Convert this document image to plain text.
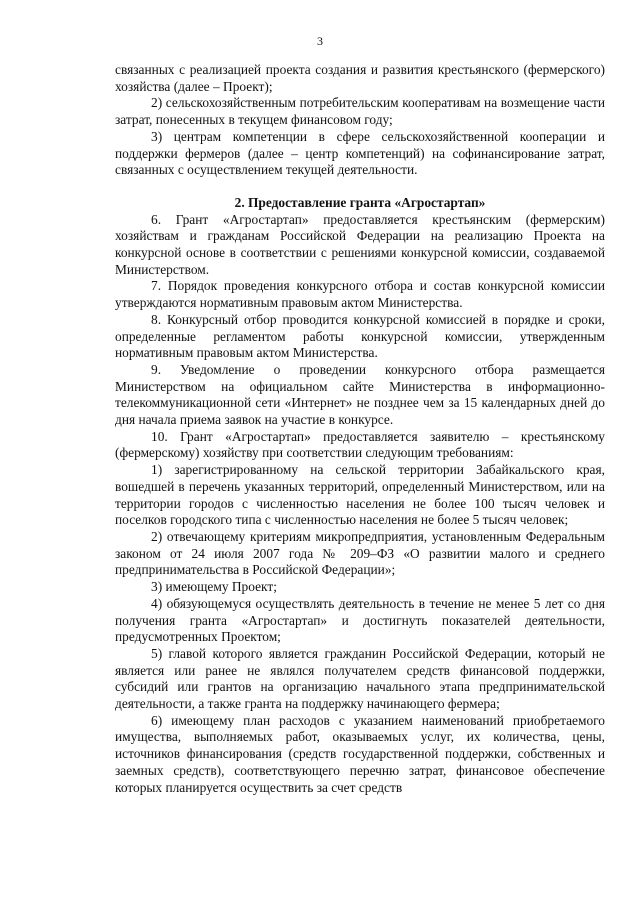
3

связанных с реализацией проекта создания и развития крестьянского (фермерского) хозяйства (далее – Проект);

2) сельскохозяйственным потребительским кооперативам на возмещение части затрат, понесенных в текущем финансовом году;

3) центрам компетенции в сфере сельскохозяйственной кооперации и поддержки фермеров (далее – центр компетенций) на софинансирование затрат, связанных с осуществлением текущей деятельности.

2. Предоставление гранта «Агростартап»

6. Грант «Агростартап» предоставляется крестьянским (фермерским) хозяйствам и гражданам Российской Федерации на реализацию Проекта на конкурсной основе в соответствии с решениями конкурсной комиссии, создаваемой Министерством.

7. Порядок проведения конкурсного отбора и состав конкурсной комиссии утверждаются нормативным правовым актом Министерства.

8. Конкурсный отбор проводится конкурсной комиссией в порядке и сроки, определенные регламентом работы конкурсной комиссии, утвержденным нормативным правовым актом Министерства.

9. Уведомление о проведении конкурсного отбора размещается Министерством на официальном сайте Министерства в информационно-телекоммуникационной сети «Интернет» не позднее чем за 15 календарных дней до дня начала приема заявок на участие в конкурсе.

10. Грант «Агростартап» предоставляется заявителю – крестьянскому (фермерскому) хозяйству при соответствии следующим требованиям:

1) зарегистрированному на сельской территории Забайкальского края, вошедшей в перечень указанных территорий, определенный Министерством, или на территории городов с численностью населения не более 100 тысяч человек и поселков городского типа с численностью населения не более 5 тысяч человек;

2) отвечающему критериям микропредприятия, установленным Федеральным законом от 24 июля 2007 года № 209–ФЗ «О развитии малого и среднего предпринимательства в Российской Федерации»;

3) имеющему Проект;

4) обязующемуся осуществлять деятельность в течение не менее 5 лет со дня получения гранта «Агростартап» и достигнуть показателей деятельности, предусмотренных Проектом;

5) главой которого является гражданин Российской Федерации, который не является или ранее не являлся получателем средств финансовой поддержки, субсидий или грантов на организацию начального этапа предпринимательской деятельности, а также гранта на поддержку начинающего фермера;

6) имеющему план расходов с указанием наименований приобретаемого имущества, выполняемых работ, оказываемых услуг, их количества, цены, источников финансирования (средств государственной поддержки, собственных и заемных средств), соответствующего перечню затрат, финансовое обеспечение которых планируется осуществить за счет средств
